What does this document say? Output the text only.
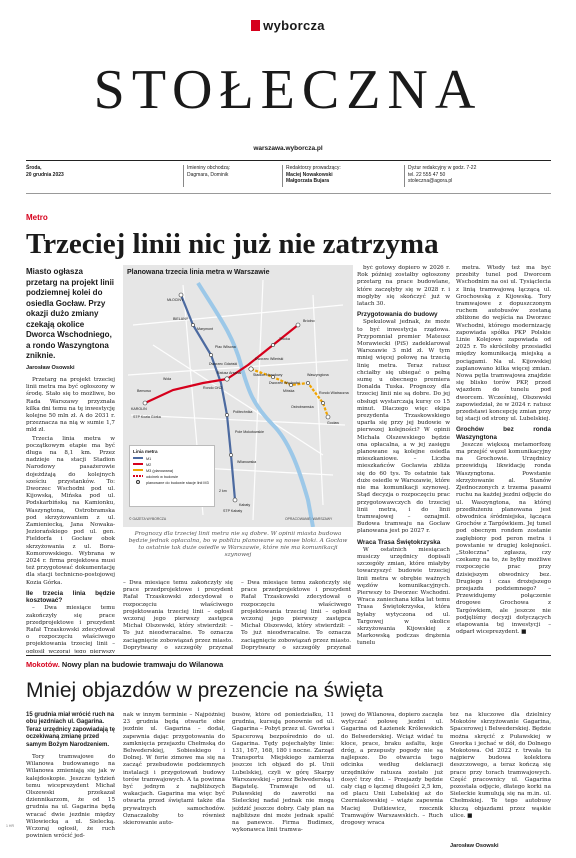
wyborcza
STOŁECZNA
warszawa.wyborcza.pl
Środa,
20 grudnia 2023
Imieniny obchodzą: Dagmara, Dominik
Redaktorzy prowadzący:
Maciej Nowakowski
Małgorzata Bujara
Dyżur redakcyjny w godz. 7-22
tel. 22 555 47 50
stoleczna@agora.pl
Metro
Trzeciej linii nic już nie zatrzyma
Miasto ogłasza przetarg na projekt linii podziemnej kolei do osiedla Gocław. Przy okazji dużo zmiany czekają okolice Dworca Wschodniego, a rondo Waszyngtona zniknie.
Jarosław Osowski

Przetarg na projekt trzeciej linii metra ma być ogłoszony w środę. Stało się to możliwe, bo Rada Warszawy przyznała kilka dni temu na tę inwestycję kolejne 50 mln zł. A do 2031 r. przeznacza na nią w sumie 1,7 mld zł.

Trzecia linia metra w początkowym etapie ma być długa na 8,1 km. Przez nadzieje na stacji Stadion Narodowy pasażerowie dojeżdżają do kolejnych sześciu przystanków. To: Dworzec Wschodni pod ul. Kijowską, Mińska pod ul. Podskarbińską na Kamionku, Waszyngtona, Ostrobramska pod skrzyżowaniem z ul. Zamieniecką, Jana Nowaka-Jeziorańskiego pod ul. gen. Fieldorfa i Gocław obok skrzyżowania z ul. Bora-Komorowskiego. Wybrana w 2024 r. firma projektowa musi też przygotować dokumentację dla stacji technicno-postojowej Kozia Górka.

Ile trzecia linia będzie kosztować?

– Dwa miesiące temu zakończyły się prace przedprojektowe i prezydent Rafał Trzaskowski zdecydował o rozpoczęciu właściwego projektowania trzeciej linii – ogłosił wczoraj jego pierwszy

Planowana trzecia linia metra w Warszawie
MŁOCINY
BIELANY
Marymont
Plac Wilsona
Dworzec Gdański
Ratusz Arsenał
Rondo ONZ
Politechnika
Pole Mokotowskie
Wilanowska
Kabaty
Bródno
Trocka
Dworzec Wileński
Stadion Narodowy
Dworzec Wschodni
Mińska
Waszyngtona
Ostrobramska
Rondo Wiatraczna
Gocław
Wola
Bemowo
KAROLIN
STP Kozia Górka
STP Kabaty
Linia metra
M1
M2
M3 (planowana)
odcinek w budowie
planowane do budowie stacje linii M3
2 km
© GAZETA WYBORCZA	OPRACOWANIE: WARSZAWY
Prognozy dla trzeciej linii metra nie są dobre. W opinii miasta budowa będzie jednak opłacalna, bo w pobliżu planowane są nowe bloki. A Gocław to ostatnie tak duże osiedle w Warszawie, które nie ma komunikacji szynowej

– Dwa miesiące temu zakończyły się prace przedprojektowe i prezydent Rafał Trzaskowski zdecydował o rozpoczęciu właściwego projektowania trzeciej linii – ogłosił wczoraj jego pierwszy zastępca Michał Olszewski, który stwierdził: – To już nieodwracalne. To oznacza zaciągnięcie zobowiązań przez miasto. Doprytwany o szczegóły przyznał

– Dwa miesiące temu zakończyły się prace przedprojektowe i prezydent Rafał Trzaskowski zdecydował o rozpoczęciu właściwego projektowania trzeciej linii – ogłosił wczoraj jego pierwszy zastępca Michał Olszewski, który stwierdził: – To już nieodwracalne. To oznacza zaciągnięcie zobowiązań przez miasto. Doprytwany o szczegóły przyznał

być gotowy dopiero w 2026 r. Rok później zostałby ogłoszony przetarg na prace budowlane, które zaczęłyby się w 2028 r. i mogłyby się skończyć już w latach 30.

Przygotowania do budowy

Spekulował jednak, że może to być inwestycja rządowa. Przypomniał premier Mateusz Morawiecki (PiS) zadeklarował Warszawie 3 mld zł. W tym mniej więcej połowę na trzecią linię metra. Teraz ratusz chciałby się ubiegać o pełną sumę u obecnego premiera Donalda Tuska. Prognozy dla trzeciej linii nie są dobre. Do jej obsługi wystarczają kursy co 15 minut. Dlaczego więc ekipa prezydenta Trzaskowskiego uparła się przy jej budowie w pierwszej kolejności? W opinii Michała Olszewskiego będzie ona opłacalna, a w jej zasięgu planowane są kolejne osiedla mieszkaniowe. – Liczba mieszkańców Gocławia zbliża się do 60 tys. To ostatnie tak duże osiedle w Warszawie, które nie ma komunikacji szynowej. Stąd decyzja o rozpoczęciu prac przygotowawczych do trzeciej linii metra, i do linii tramwajowej – oznajmił. Budowa tramwaju na Gocław planowana jest po 2027 r.

Wraca Trasa Świętokrzyska

W ostatnich miesiącach musiczy urzędnicy dopisali szczegóły zmian, które miałyby towarzyszyć budowie trzeciej linii metra w obrębie ważnych węzłów komunikacyjnych. Pierwszy to Dworzec Wschodni. Wraca zaniechana kilka lat temu Trasa Świętokrzyska, która byłaby wytyczona od ul. Targowej w okolice skrzyżowania Kijowskiej z Markowską podczas drążenia tunelu

metra. Wtedy też ma być przebity tunel pod Dworcem Wschodnim na osi ul. Tysiąclecia z linią tramwajową łączącą ul. Grochowską z Kijowską. Tory tramwajowe z dopuszczonym ruchem autobusów zostaną zbliżone do wejścia na Dworzec Wschodni, którego modernizację zapowiada spółka PKP Polskie Linie Kolejowe zapowiada od 2025 r. To skróciłoby przesiadki między komunikacją miejską a pociągami. Na ul. Kijowskiej zaplanowano kilka więcej zmian. Nowa pętla tramwajowa znajdzie się blisko torów PKP, przed wjazdem do tunelu pod dworcem. Wcześniej, Olszewski zapowiedział, że w 2024 r. ratusz przedstawi koncepcję zmian przy tej stacji od strony ul. Lubelskiej.

Grochów bez ronda Waszyngtona

Jeszcze większą metamorfozę ma przejść węzeł komunikacyjny na Grochowie. Urzędnicy przewidują likwidację ronda Waszyngtona. Powstanie skrzyżowanie al. Stanów Zjednoczonych z trzema pasami ruchu na każdej jezdni odjęcie do ul. Waszyngtona, na której przedłużeniu planowana jest obwodnica śródmiejska, łącząca Grochów z Targówkiem. Jej tunel pod obecnym rondem zostanie zagłębiony pod peron metra i powstanie w drugiej kolejności. „Stołeczna” zgłasza, czy czekamy na to, że byłby możliwe rozpoczęcie prac przy dzisiejszym obwodnicy bez. Drugiego i czas drożejszego przejazdu podziemnego? – Przewidujemy połączenie drogowe Grochowa z Targówkiem, ale jeszcze nie podjęliśmy decyzji dotyczących etapowania tej inwestycji – odparł wiceprezydent. ■

Mokotów. Nowy plan na budowie tramwaju do Wilanowa
Mniej objazdów w prezencie na święta
15 grudnia miał wrócić ruch na obu jezdniach ul. Gagarina. Teraz urzędnicy zapowiadają tę oczekiwaną zmianę przed samym Bożym Narodzeniem.

Tory tramwajowe do Wilanowa budowanego na Wilanowa zmieniają się jak w kalejdoskopie. Jeszcze tydzień temu wiceprezydent Michał Olszewski przekazał dziennikarzom, że od 15 grudnia na ul. Gagarina będą wracać dwie jezdnie między Wilowiecką a ul. Sielecką. Wczoraj ogłosił, że ruch powinien wrócić jed-

nak w innym terminie – Najpóźniej 23 grudnia będą otwarte obie jezdnie ul. Gagarina – dodał, zapewnia dając przygotowania do zamknięcia przejazdu Chełmską do Belwederskiej, Sobieskiego i Dolnej. W ferie zimowe ma się na zacząć przebudowie podziemnych instalacji i przygotowań budowy torów tramwajowych. A ta powinna być jednym z najbliższych wakacjach. Gagarina ma więc być otwarta przed świętami także dla prywatnych samochodów. Oznaczałoby to również skierowanie auto-

busów, które od poniedziałku, 11 grudnia, kursują ponownie od ul. Gagarina – Pobyt przez ul. Gworka i Spacerową bezpośrednio do ul. Gagarina. Tędy pojechałyby linie: 131, 167, 168, 180 i nocne. Zarząd Transportu Miejskiego zamierza jeszcze ich objazd do pl. Unii Lubelskiej, czyli w górę Skarpy Warszawskiej – przez Belwederską i Bagatelę. Tramwaje od ul. Puławskiej do zawrotki na Sieleckiej nadal jednak nie mogą jeździć jeszcze dobry. Cały plan na najbliższe dni może jednak spalić na panewce. Firma Budimex, wykonawca linii tramwa-

jowej do Wilanowa, dopiero zaczęła wytyczać połowę jezdni ul. Gagarina od Łazienek Królewskich do Belwederskiej. Wciąż widać tu kloce, prace, braku asfaltu, koje dróg, a przepusty pogody nie są najlepsze. Do otwarcia tego odcinka według deklaracji urzędników ratusza zostało już dosyć trzy dni. – Przejazdy będzie cały ciąg o łącznej długości 2,5 km, od placu Unii Lubelskiej aż do Czerniakowskiej – wiąże zapewnia Maciej Dutkiewicz, rzecznik Tramwajów Warszawskich. – Ruch drogowy wraca

tez na kluczowe dla dzielnicy Mokotów skrzyżowanie Gagarina, Spacerowej i Belwederskiej. Będzie można skręcić z Puławskiej w Gworka i jechać w dół, do Dolnego Mokotowa. Od 2022 r. trwała tu najpierw budowa kolektora deszczowego, a teraz kończą się prace przy torach tramwajowych. Część pracownicy ul. Gagarina pozostała odjęcie, dłatego korki na Sieleckie kumulują się na m.in. ul. Chełmskiej. Te tego autobusy kluczą objazdami przez wąskie ulice. ■

Jarosław Osowski
1 HR
